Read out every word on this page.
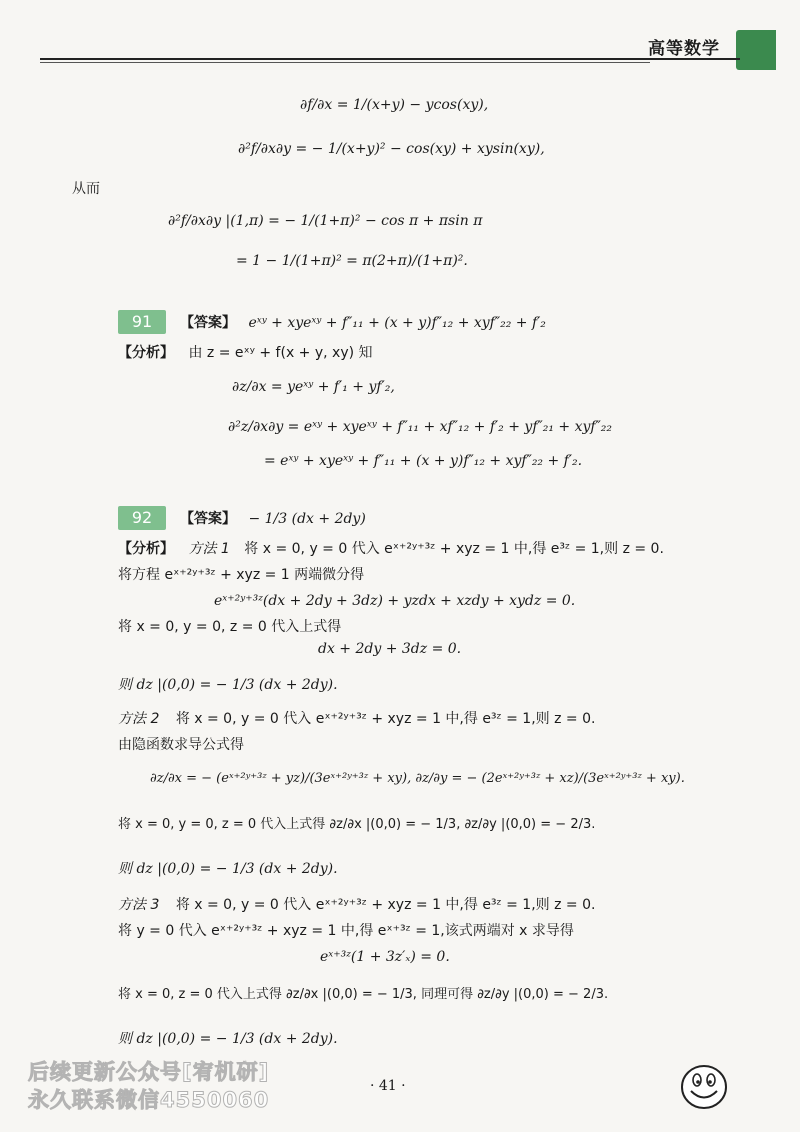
高等数学
∂f/∂x = 1/(x+y) − ycos(xy),
∂²f/∂x∂y = − 1/(x+y)² − cos(xy) + xysin(xy),
从而
∂²f/∂x∂y |(1,π) = − 1/(1+π)² − cos π + πsin π
= 1 − 1/(1+π)² = π(2+π)/(1+π)².
91	【答案】 eˣʸ + xyeˣʸ + f″₁₁ + (x + y)f″₁₂ + xyf″₂₂ + f′₂
【分析】 由 z = eˣʸ + f(x + y, xy) 知
∂z/∂x = yeˣʸ + f′₁ + yf′₂,
∂²z/∂x∂y = eˣʸ + xyeˣʸ + f″₁₁ + xf″₁₂ + f′₂ + yf″₂₁ + xyf″₂₂
= eˣʸ + xyeˣʸ + f″₁₁ + (x + y)f″₁₂ + xyf″₂₂ + f′₂.
92	【答案】 − 1/3 (dx + 2dy)
【分析】 方法 1 将 x = 0, y = 0 代入 eˣ⁺²ʸ⁺³ᶻ + xyz = 1 中,得 e³ᶻ = 1,则 z = 0.
将方程 eˣ⁺²ʸ⁺³ᶻ + xyz = 1 两端微分得
eˣ⁺²ʸ⁺³ᶻ(dx + 2dy + 3dz) + yzdx + xzdy + xydz = 0.
将 x = 0, y = 0, z = 0 代入上式得
dx + 2dy + 3dz = 0.
则 dz |(0,0) = − 1/3 (dx + 2dy).
方法 2 将 x = 0, y = 0 代入 eˣ⁺²ʸ⁺³ᶻ + xyz = 1 中,得 e³ᶻ = 1,则 z = 0.
由隐函数求导公式得
∂z/∂x = − (eˣ⁺²ʸ⁺³ᶻ + yz)/(3eˣ⁺²ʸ⁺³ᶻ + xy), ∂z/∂y = − (2eˣ⁺²ʸ⁺³ᶻ + xz)/(3eˣ⁺²ʸ⁺³ᶻ + xy).
将 x = 0, y = 0, z = 0 代入上式得 ∂z/∂x |(0,0) = − 1/3, ∂z/∂y |(0,0) = − 2/3.
则 dz |(0,0) = − 1/3 (dx + 2dy).
方法 3 将 x = 0, y = 0 代入 eˣ⁺²ʸ⁺³ᶻ + xyz = 1 中,得 e³ᶻ = 1,则 z = 0.
将 y = 0 代入 eˣ⁺²ʸ⁺³ᶻ + xyz = 1 中,得 eˣ⁺³ᶻ = 1,该式两端对 x 求导得
eˣ⁺³ᶻ(1 + 3z′ₓ) = 0.
将 x = 0, z = 0 代入上式得 ∂z/∂x |(0,0) = − 1/3, 同理可得 ∂z/∂y |(0,0) = − 2/3.
则 dz |(0,0) = − 1/3 (dx + 2dy).
· 41 ·
后续更新公众号[宥机研]
永久联系微信4550060
